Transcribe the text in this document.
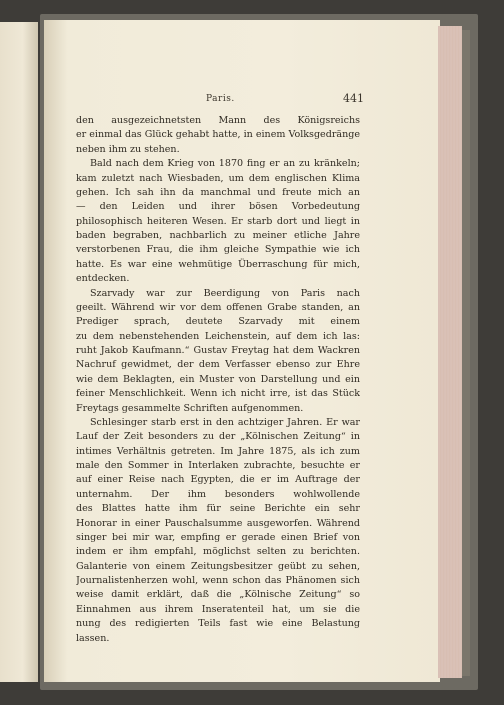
Paris.	441
den ausgezeichnetsten Mann des Königsreichs
er einmal das Glück gehabt hatte, in einem Volksgedränge
neben ihm zu stehen.
Bald nach dem Krieg von 1870 fing er an zu kränkeln;
kam zuletzt nach Wiesbaden, um dem englischen Klima
gehen. Ich sah ihn da manchmal und freute mich an
— den Leiden und ihrer bösen Vorbedeutung
philosophisch heiteren Wesen. Er starb dort und liegt in
baden begraben, nachbarlich zu meiner etliche Jahre
verstorbenen Frau, die ihm gleiche Sympathie wie ich
hatte. Es war eine wehmütige Überraschung für mich,
entdecken.
Szarvady war zur Beerdigung von Paris nach
geeilt. Während wir vor dem offenen Grabe standen, an
Prediger sprach, deutete Szarvady mit einem
zu dem nebenstehenden Leichenstein, auf dem ich las:
ruht Jakob Kaufmann.“ Gustav Freytag hat dem Wackren
Nachruf gewidmet, der dem Verfasser ebenso zur Ehre
wie dem Beklagten, ein Muster von Darstellung und ein
feiner Menschlichkeit. Wenn ich nicht irre, ist das Stück
Freytags gesammelte Schriften aufgenommen.
Schlesinger starb erst in den achtziger Jahren. Er war
Lauf der Zeit besonders zu der „Kölnischen Zeitung“ in
intimes Verhältnis getreten. Im Jahre 1875, als ich zum
male den Sommer in Interlaken zubrachte, besuchte er
auf einer Reise nach Egypten, die er im Auftrage der
unternahm. Der ihm besonders wohlwollende
des Blattes hatte ihm für seine Berichte ein sehr
Honorar in einer Pauschalsumme ausgeworfen. Während
singer bei mir war, empfing er gerade einen Brief von
indem er ihm empfahl, möglichst selten zu berichten.
Galanterie von einem Zeitungsbesitzer geübt zu sehen,
Journalistenherzen wohl, wenn schon das Phänomen sich
weise damit erklärt, daß die „Kölnische Zeitung“ so
Einnahmen aus ihrem Inseratenteil hat, um sie die
nung des redigierten Teils fast wie eine Belastung
lassen.
